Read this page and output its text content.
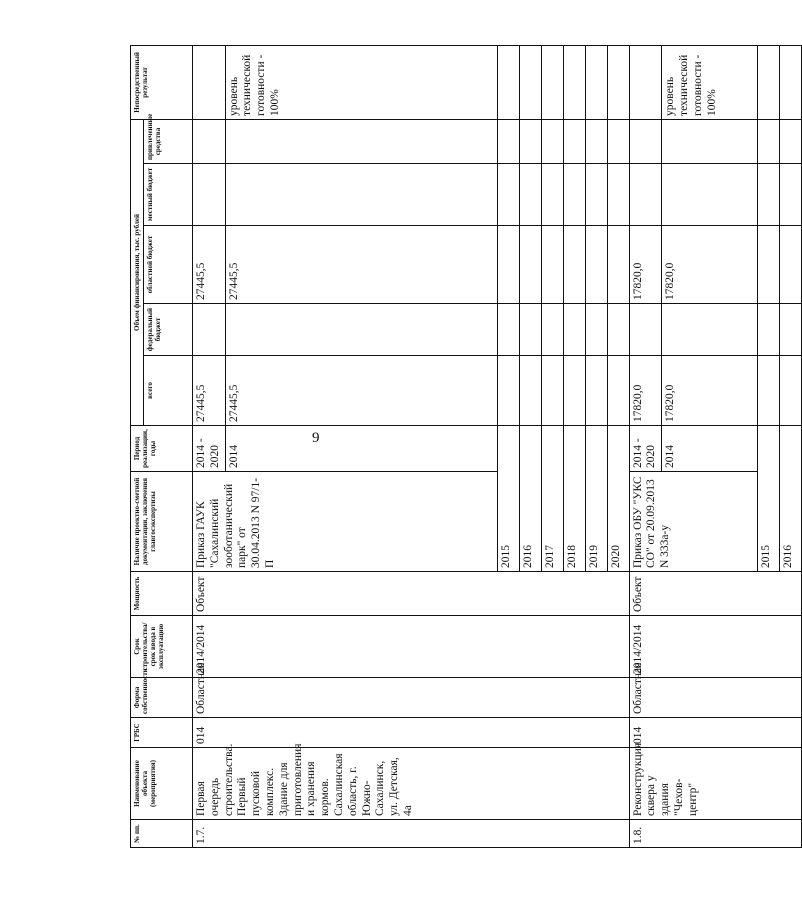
9
№ пп.	Наименование объекта (мероприятия)	ГРБС	Форма собственности	Срок строительства/ срок ввода в эксплуатацию	Мощность	Наличие проектно-сметной документации, заключения главгосэкспертизы	Период реализации, годы	Объем финансирования, тыс. рублей					Непосредственный результат
								всего	федеральный бюджет	областной бюджет	местный бюджет	привлеченные средства	
1.7.	Первая очередь строительства. Первый пусковой комплекс. Здание для приготовления и хранения кормов. Сахалинская область, г. Южно-Сахалинск, ул. Детская, 4а	014	Областная	2014/2014	Объект	Приказ ГАУК "Сахалинский зооботанический парк" от 30.04.2013 N 97/1-П	2014 - 2020	27445,5		27445,5			
							2014	27445,5		27445,5			уровень технической готовности - 100%
						2015							
						2016							
						2017							
						2018							
						2019							
						2020							
1.8.	Реконструкция сквера у здания "Чехов-центр"	014	Областная	2014/2014	Объект	Приказ ОБУ "УКС СО" от 20.09.2013 N 333а-у	2014 - 2020	17820,0		17820,0			
							2014	17820,0		17820,0			уровень технической готовности - 100%
						2015							
						2016							
